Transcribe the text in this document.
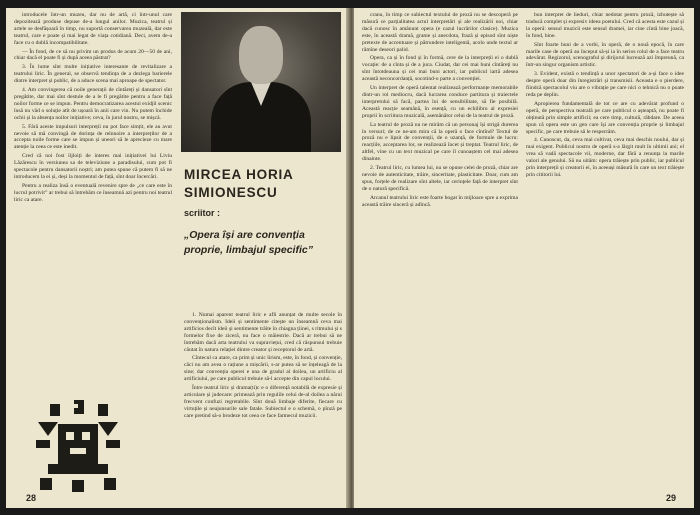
introducele într-un muzeu, dar nu de artă, ci într-unul care depozitează produse depuse de-a lungul anilor. Muzica, teatrul și artele se desfășoară în timp, nu suportă conservarea muzeală, dar este teatrul, care e poate și mai legat de viața cotidiană. Deci, avem de-a face cu o dublă incompatibilitate.

— În fond, de ce să nu privim un produs de acum 20—50 de ani, chiar dacă el poate fi și după aceea păstrat?

3. În lume sînt multe inițiative interesante de revitalizare a teatrului liric. În general, se observă tendința de a dezlega barierele dintre interpret și public, de a aduce scena mai aproape de spectator.

4. Am convingerea că noile generații de cîntăreți și dansatori sînt pregătite, dar mai sînt destule de a le fi pregătite pentru a face față noilor forme ce se impun. Pentru democratizarea acestui exidjil scenic însă nu văd o soluție atît de ușoară în anii care vin. Nu putem închide ochii și la absența noilor inițiative; ceva, în jurul nostru, se mișcă.

5. Fără aceste impulsuri interpreții nu pot face simțit, ele au avut nevoie să mă convingă de dorința de reînnoire a interpreților de a accepta noile forme care se impun și uneori să le aprecieze cu mare atenție la ceea ce este inedit.

Cred că noi fost îijloiți de interes mai inițiativei lui Liviu Lăzărescu în versiunea sa de televiziune a paradisului, cum pot fi spectacole pentru dansatorii noștri; am putea spune că putem fi să ne introducem la ei și, deși la momentul de față, sînt doar încercări.

Pentru a realiza însă o eventuală revenire spre de „ce care este în lucrul potrivit” ar trebui să întrebăm ce înseamnă azi pentru noi teatrul liric ca atare.

MIRCEA HORIA
SIMIONESCU
scriitor :
„Opera își are convenția proprie, limbajul specific”

1. Numai aparent teatrul liric e afli anunțat de multe secole în convenționalism. Ideii și sentimente citește un înseamnă ceva mai artificios decît ideii și sentimente trăite în chiagna țiinei, s ritmului și s formelor fixe de ziceră, nu face o măiestrie. Dacă ar trebui să ne întrebăm dacă arta teatrului va supraviețui, cred că răspunsul trebuie căutat în natura relației dintre creator și receptorul de artă.

Cîntecul ca atare, ca prim și unic lirism, este, în fond, și convenție, căci nu am avea o rațiune a mișcării, s-ar putea să se înțeleagă de la sine; dar convenția operei e una de gradul al doilea, un artificiu al artificiului, pe care publicul trebuie să-l accepte din capul locului.

Între teatrul liric și drama(ti)c e o diferență notabilă de expresie și articulare și judecare: primează prin regulile celui de-al doilea a nărui frecvent confuzi regretabile. Sînt două limbaje diferite, fiecare cu virtuțile și neajunsurile sale fatale. Subiectul e o schemă, o pînză pe care pretind să-o brodeze tot ceea ce face farmecul muzicii.

28

cranu, în timp ce subiectul textului de proză nu se descoperă pe măsură ce parțialitatea actul interpretări și ale realizării noi, chiar dacă cunosc în amănunt opera (e cazul lucrărilor clasice). Muzica este, în această dramă, grame și anecdota, frază și episod sînt niște pretexte de accentuare și pătrundere inteligentă, acolo unde textul ar rămîne deseori palid.

Opera, ca și în fond și în formă, cere de la interpreții ei o dublă vocație: de a cînta și de a juca. Ciudat, dar cei mai buni cîntăreți nu sînt întotdeauna și cei mai buni actori, iar publicul iartă adesea această neconcordanță, socotind-o parte a convenției.

Un interpret de operă talentat realizează performanțe memorabile dintr-un rol mediocru, dacă lucrarea conduce partitura și traiectele interpretului să facă, partea lui de sensibilitate, să fie posibilă. Această reacție seamănă, în esență, cu un echilibru al expresiei proprii în scriitura muzicală, asemănător celui de la teatrul de proză.

La teatrul de proză nu ne mirăm că un personaj își strigă durerea în versuri; de ce ne-am mira că la operă o face cîntînd? Textul de proză nu e lipsit de convenții, de o uzanță, de formule de lucru: reacțiile, acceptarea lor, se realizează încet și treptat. Teatrul liric, de altfel, vine cu un text muzical pe care îl cunoaștem cel mai adesea dinainte.

2. Teatrul liric, cu lumea lui, nu se opune celei de proză, chiar are nevoie de autenticitate, trăire, sinceritate, plasticitate. Doar, cum am spus, forțele de realizare sînt altele, iar cerințele față de interpret sînt de o natură specifică.

Arcanul teatrului liric este foarte bogat în mijloace spre a exprima această trăire sinceră și adîncă.

bun interpret de lieduri, chiar nedotat pentru proză, izbutește să traducă complet și expresiv ideea poetului. Cred că acesta este cazul și la operă: sensul muzicii este sensul dramei, iar cine cîntă bine joacă, în fond, bine.

Sînt foarte buni de a vorbi, în operă, de o nouă epocă, în care marile case de operă au început să-și ia în serios rolul de a face teatru adevărat. Regizorul, scenograful și dirijorul lucrează azi împreună, ca într-un singur organism artistic.

3. Evident, există o tendință a unor spectatori de a-și face o idee despre operă doar din înregistrări și transmisii. Aceasta e o pierdere, fiindcă spectacolul viu are o vibrație pe care nici o tehnică nu o poate reda pe deplin.

Apropierea fundamentală de tot ce are cu adevărat profund o operă, de perspectiva teatrală pe care publicul o așteaptă, nu poate fi obținută prin simple artificii; ea cere timp, cultură, răbdare. De aceea spun că opera este un gen care își are convenția proprie și limbajul specific, pe care trebuie să le respectăm.

4. Cunoscut, da, ceva mai cultivat, ceva mai deschis noului, dar și mai exigent. Publicul nostru de operă s-a lărgit mult în ultimii ani; el vrea să vadă spectacole vii, moderne, dar fără a renunța la marile valori ale genului. Să nu uităm: opera trăiește prin public, iar publicul prin interpreții și creatorii ei, în aceeași măsură în care un text trăiește prin cititorii lui.

29
